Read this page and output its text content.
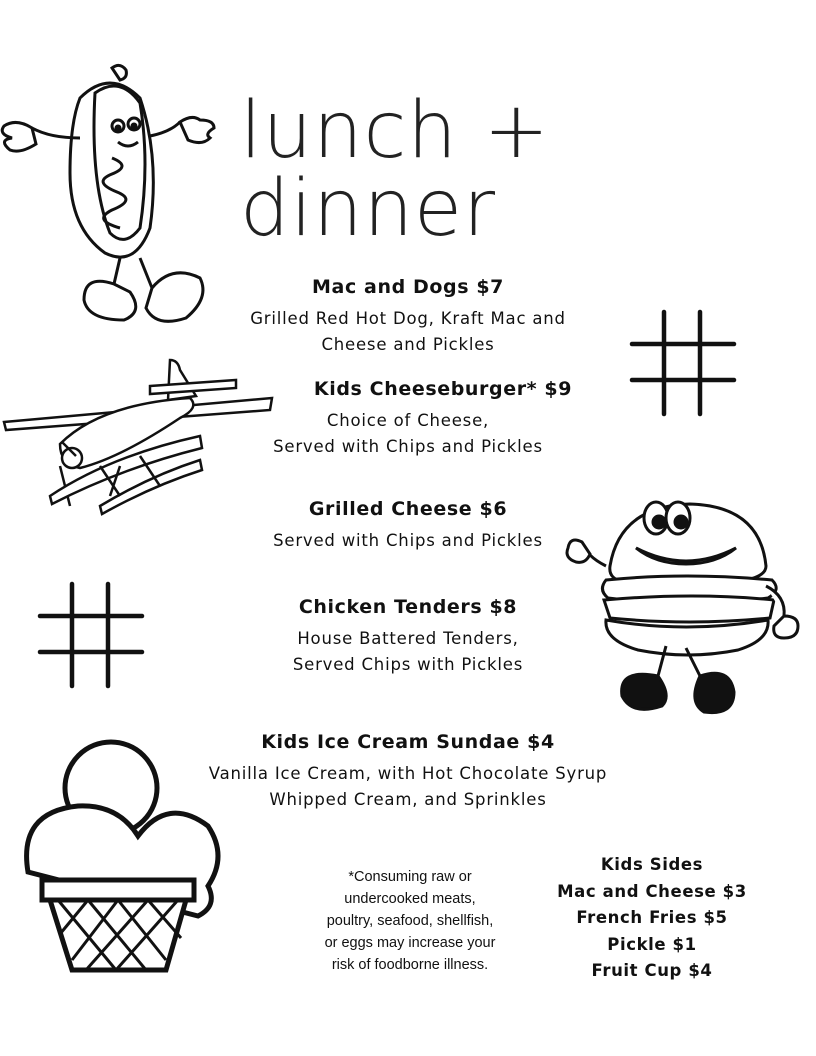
lunch + dinner
Mac and Dogs $7
Grilled Red Hot Dog, Kraft Mac and
Cheese and Pickles
Kids Cheeseburger* $9
Choice of Cheese,
Served with Chips and Pickles
Grilled Cheese $6
Served with Chips and Pickles
Chicken Tenders $8
House Battered Tenders,
Served Chips with Pickles
Kids Ice Cream Sundae $4
Vanilla Ice Cream, with Hot Chocolate Syrup
Whipped Cream, and Sprinkles
*Consuming raw or
undercooked meats,
poultry, seafood, shellfish,
or eggs may increase your
risk of foodborne illness.
Kids Sides
Mac and Cheese $3
French Fries $5
Pickle $1
Fruit Cup $4
